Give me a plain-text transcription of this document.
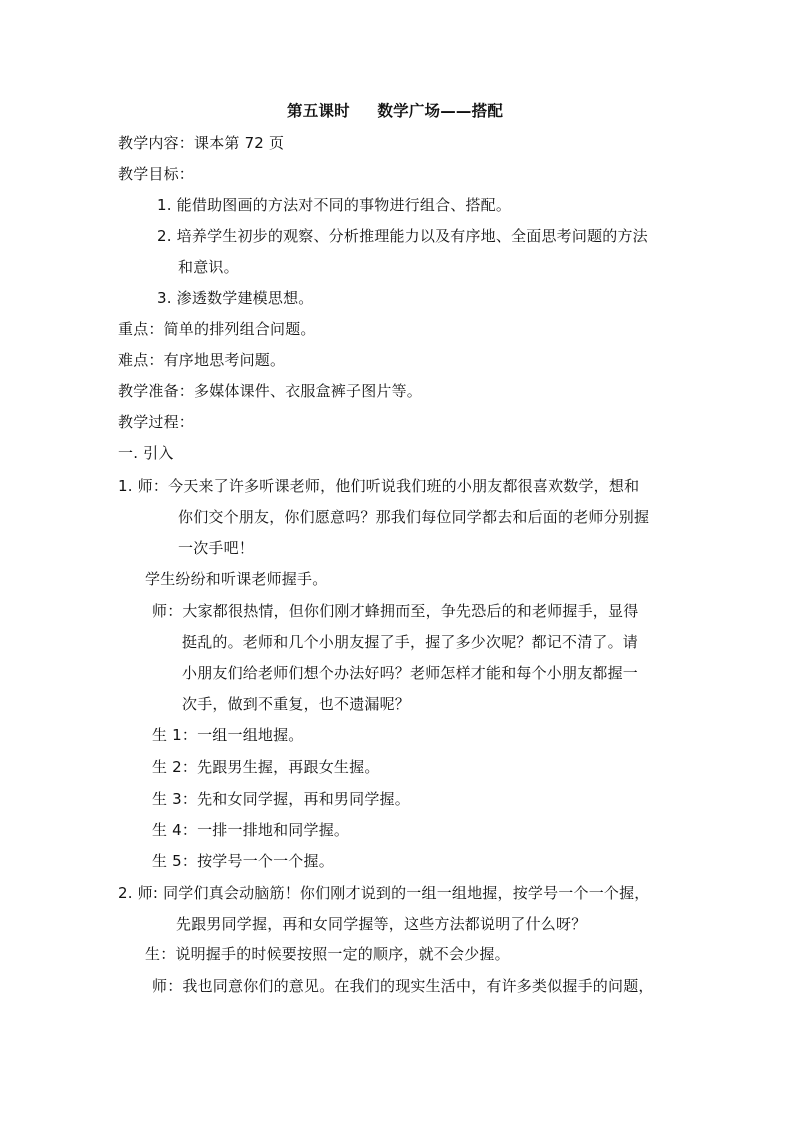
第五课时 数学广场——搭配
教学内容：课本第 72 页
教学目标：
1. 能借助图画的方法对不同的事物进行组合、搭配。
2. 培养学生初步的观察、分析推理能力以及有序地、全面思考问题的方法
和意识。
3. 渗透数学建模思想。
重点：简单的排列组合问题。
难点：有序地思考问题。
教学准备：多媒体课件、衣服盒裤子图片等。
教学过程：
一. 引入
1. 师：今天来了许多听课老师，他们听说我们班的小朋友都很喜欢数学，想和
你们交个朋友，你们愿意吗？那我们每位同学都去和后面的老师分别握
一次手吧！
学生纷纷和听课老师握手。
师：大家都很热情，但你们刚才蜂拥而至，争先恐后的和老师握手，显得
挺乱的。老师和几个小朋友握了手，握了多少次呢？都记不清了。请
小朋友们给老师们想个办法好吗？老师怎样才能和每个小朋友都握一
次手，做到不重复，也不遗漏呢？
生 1：一组一组地握。
生 2：先跟男生握，再跟女生握。
生 3：先和女同学握，再和男同学握。
生 4：一排一排地和同学握。
生 5：按学号一个一个握。
2. 师: 同学们真会动脑筋！你们刚才说到的一组一组地握，按学号一个一个握，
先跟男同学握，再和女同学握等，这些方法都说明了什么呀？
生：说明握手的时候要按照一定的顺序，就不会少握。
师：我也同意你们的意见。在我们的现实生活中，有许多类似握手的问题，
